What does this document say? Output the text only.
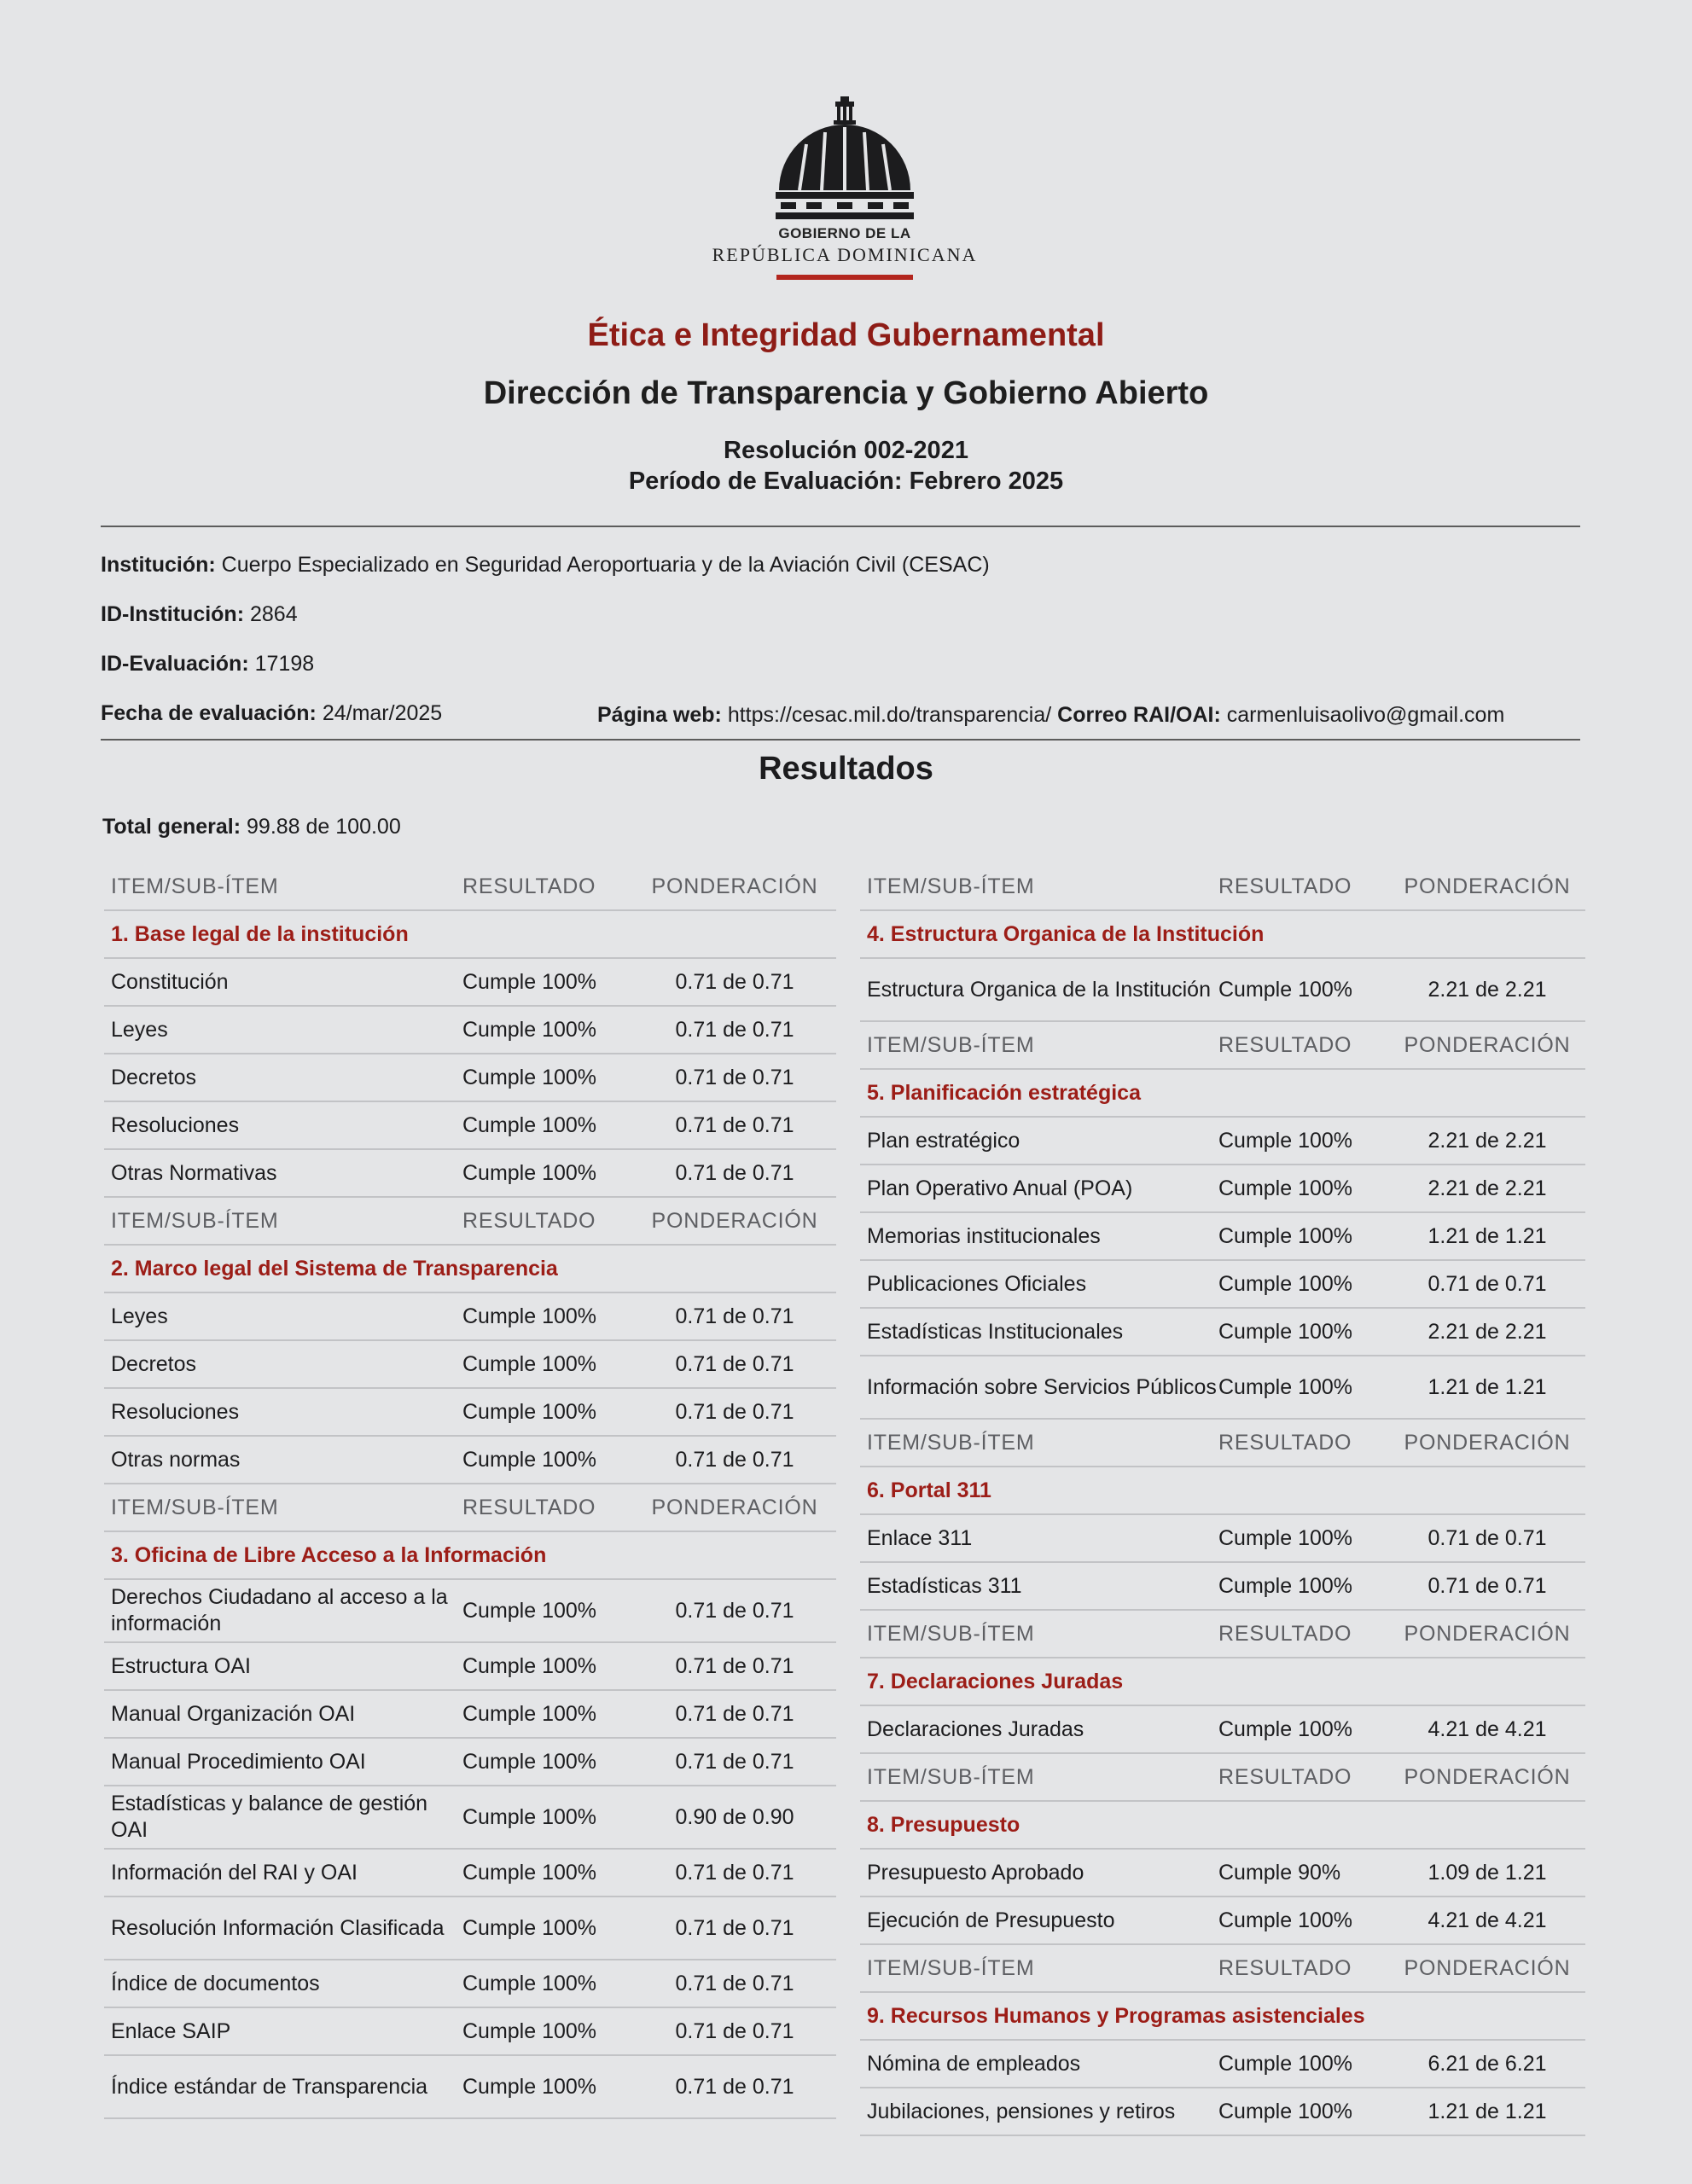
GOBIERNO DE LA
REPÚBLICA DOMINICANA
Ética e Integridad Gubernamental
Dirección de Transparencia y Gobierno Abierto
Resolución 002-2021
Período de Evaluación: Febrero 2025
Institución: Cuerpo Especializado en Seguridad Aeroportuaria y de la Aviación Civil (CESAC)
ID-Institución: 2864
ID-Evaluación: 17198
Fecha de evaluación: 24/mar/2025	Página web: https://cesac.mil.do/transparencia/ Correo RAI/OAI: carmenluisaolivo@gmail.com
Resultados
Total general: 99.88 de 100.00
ITEM/SUB-ÍTEM	RESULTADO	PONDERACIÓN
1. Base legal de la institución
Constitución	Cumple 100%	0.71 de 0.71
Leyes	Cumple 100%	0.71 de 0.71
Decretos	Cumple 100%	0.71 de 0.71
Resoluciones	Cumple 100%	0.71 de 0.71
Otras Normativas	Cumple 100%	0.71 de 0.71
ITEM/SUB-ÍTEM	RESULTADO	PONDERACIÓN
2. Marco legal del Sistema de Transparencia
Leyes	Cumple 100%	0.71 de 0.71
Decretos	Cumple 100%	0.71 de 0.71
Resoluciones	Cumple 100%	0.71 de 0.71
Otras normas	Cumple 100%	0.71 de 0.71
ITEM/SUB-ÍTEM	RESULTADO	PONDERACIÓN
3. Oficina de Libre Acceso a la Información
Derechos Ciudadano al acceso a la información
Cumple 100%	0.71 de 0.71
Estructura OAI	Cumple 100%	0.71 de 0.71
Manual Organización OAI	Cumple 100%	0.71 de 0.71
Manual Procedimiento OAI	Cumple 100%	0.71 de 0.71
Estadísticas y balance de gestión OAI
Cumple 100%	0.90 de 0.90
Información del RAI y OAI	Cumple 100%	0.71 de 0.71
Resolución Información Clasificada Cumple 100%	0.71 de 0.71
Índice de documentos	Cumple 100%	0.71 de 0.71
Enlace SAIP	Cumple 100%	0.71 de 0.71
Índice estándar de Transparencia	Cumple 100%	0.71 de 0.71
ITEM/SUB-ÍTEM	RESULTADO	PONDERACIÓN
4. Estructura Organica de la Institución
Estructura Organica de la Institución Cumple 100%	2.21 de 2.21
ITEM/SUB-ÍTEM	RESULTADO	PONDERACIÓN
5. Planificación estratégica
Plan estratégico	Cumple 100%	2.21 de 2.21
Plan Operativo Anual (POA)	Cumple 100%	2.21 de 2.21
Memorias institucionales	Cumple 100%	1.21 de 1.21
Publicaciones Oficiales	Cumple 100%	0.71 de 0.71
Estadísticas Institucionales	Cumple 100%	2.21 de 2.21
Información sobre Servicios Públicos Cumple 100%	1.21 de 1.21
ITEM/SUB-ÍTEM	RESULTADO	PONDERACIÓN
6. Portal 311
Enlace 311	Cumple 100%	0.71 de 0.71
Estadísticas 311	Cumple 100%	0.71 de 0.71
ITEM/SUB-ÍTEM	RESULTADO	PONDERACIÓN
7. Declaraciones Juradas
Declaraciones Juradas	Cumple 100%	4.21 de 4.21
ITEM/SUB-ÍTEM	RESULTADO	PONDERACIÓN
8. Presupuesto
Presupuesto Aprobado	Cumple 90%	1.09 de 1.21
Ejecución de Presupuesto	Cumple 100%	4.21 de 4.21
ITEM/SUB-ÍTEM	RESULTADO	PONDERACIÓN
9. Recursos Humanos y Programas asistenciales
Nómina de empleados	Cumple 100%	6.21 de 6.21
Jubilaciones, pensiones y retiros	Cumple 100%	1.21 de 1.21
